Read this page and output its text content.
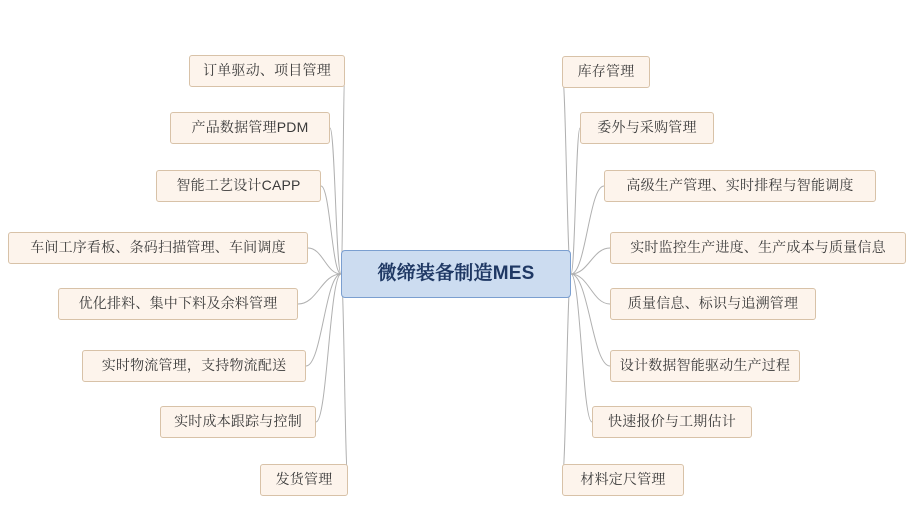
微缔装备制造MES
订单驱动、项目管理
产品数据管理PDM
智能工艺设计CAPP
车间工序看板、条码扫描管理、车间调度
优化排料、集中下料及余料管理
实时物流管理，支持物流配送
实时成本跟踪与控制
发货管理
库存管理
委外与采购管理
高级生产管理、实时排程与智能调度
实时监控生产进度、生产成本与质量信息
质量信息、标识与追溯管理
设计数据智能驱动生产过程
快速报价与工期估计
材料定尺管理
